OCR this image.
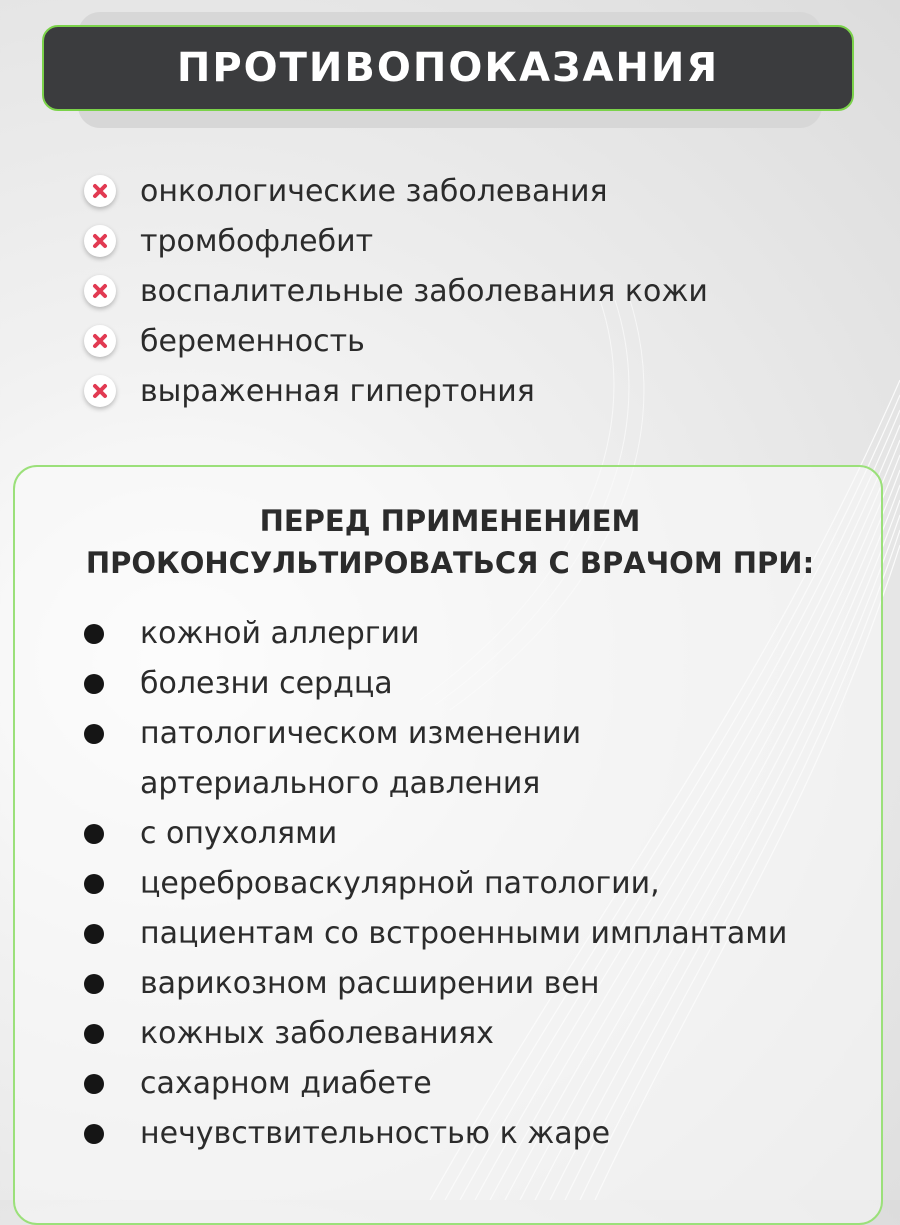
ПРОТИВОПОКАЗАНИЯ
онкологические заболевания
тромбофлебит
воспалительные заболевания кожи
беременность
выраженная гипертония
ПЕРЕД ПРИМЕНЕНИЕМ
ПРОКОНСУЛЬТИРОВАТЬСЯ С ВРАЧОМ ПРИ:
кожной аллергии
болезни сердца
патологическом изменении
артериального давления
с опухолями
цереброваскулярной патологии,
пациентам со встроенными имплантами
варикозном расширении вен
кожных заболеваниях
сахарном диабете
нечувствительностью к жаре
